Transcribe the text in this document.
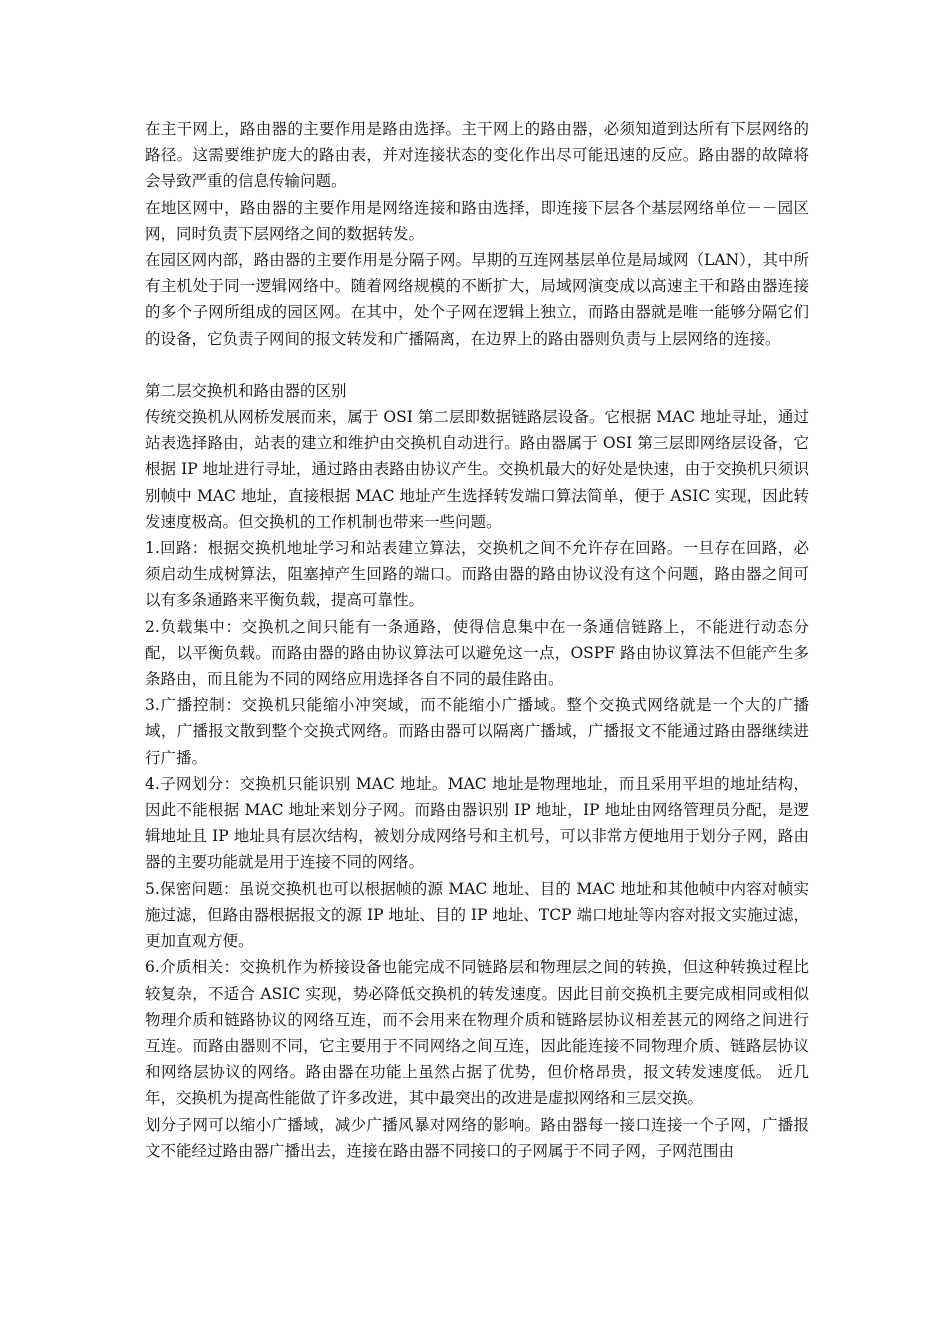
在主干网上，路由器的主要作用是路由选择。主干网上的路由器，必须知道到达所有下层网络的路径。这需要维护庞大的路由表，并对连接状态的变化作出尽可能迅速的反应。路由器的故障将会导致严重的信息传输问题。

在地区网中，路由器的主要作用是网络连接和路由选择，即连接下层各个基层网络单位－－园区网，同时负责下层网络之间的数据转发。

在园区网内部，路由器的主要作用是分隔子网。早期的互连网基层单位是局域网（LAN），其中所有主机处于同一逻辑网络中。随着网络规模的不断扩大，局域网演变成以高速主干和路由器连接的多个子网所组成的园区网。在其中，处个子网在逻辑上独立，而路由器就是唯一能够分隔它们的设备，它负责子网间的报文转发和广播隔离，在边界上的路由器则负责与上层网络的连接。

第二层交换机和路由器的区别

传统交换机从网桥发展而来，属于 OSI 第二层即数据链路层设备。它根据 MAC 地址寻址，通过站表选择路由，站表的建立和维护由交换机自动进行。路由器属于 OSI 第三层即网络层设备，它根据 IP 地址进行寻址，通过路由表路由协议产生。交换机最大的好处是快速，由于交换机只须识别帧中 MAC 地址，直接根据 MAC 地址产生选择转发端口算法简单，便于 ASIC 实现，因此转发速度极高。但交换机的工作机制也带来一些问题。

1.回路：根据交换机地址学习和站表建立算法，交换机之间不允许存在回路。一旦存在回路，必须启动生成树算法，阻塞掉产生回路的端口。而路由器的路由协议没有这个问题，路由器之间可以有多条通路来平衡负载，提高可靠性。

2.负载集中：交换机之间只能有一条通路，使得信息集中在一条通信链路上，不能进行动态分配，以平衡负载。而路由器的路由协议算法可以避免这一点，OSPF 路由协议算法不但能产生多条路由，而且能为不同的网络应用选择各自不同的最佳路由。

3.广播控制：交换机只能缩小冲突域，而不能缩小广播域。整个交换式网络就是一个大的广播域，广播报文散到整个交换式网络。而路由器可以隔离广播域，广播报文不能通过路由器继续进行广播。

4.子网划分：交换机只能识别 MAC 地址。MAC 地址是物理地址，而且采用平坦的地址结构，因此不能根据 MAC 地址来划分子网。而路由器识别 IP 地址，IP 地址由网络管理员分配，是逻辑地址且 IP 地址具有层次结构，被划分成网络号和主机号，可以非常方便地用于划分子网，路由器的主要功能就是用于连接不同的网络。

5.保密问题：虽说交换机也可以根据帧的源 MAC 地址、目的 MAC 地址和其他帧中内容对帧实施过滤，但路由器根据报文的源 IP 地址、目的 IP 地址、TCP 端口地址等内容对报文实施过滤，更加直观方便。

6.介质相关：交换机作为桥接设备也能完成不同链路层和物理层之间的转换，但这种转换过程比较复杂，不适合 ASIC 实现，势必降低交换机的转发速度。因此目前交换机主要完成相同或相似物理介质和链路协议的网络互连，而不会用来在物理介质和链路层协议相差甚元的网络之间进行互连。而路由器则不同，它主要用于不同网络之间互连，因此能连接不同物理介质、链路层协议和网络层协议的网络。路由器在功能上虽然占据了优势，但价格昂贵，报文转发速度低。 近几年，交换机为提高性能做了许多改进，其中最突出的改进是虚拟网络和三层交换。

划分子网可以缩小广播域，减少广播风暴对网络的影响。路由器每一接口连接一个子网，广播报文不能经过路由器广播出去，连接在路由器不同接口的子网属于不同子网，子网范围由
